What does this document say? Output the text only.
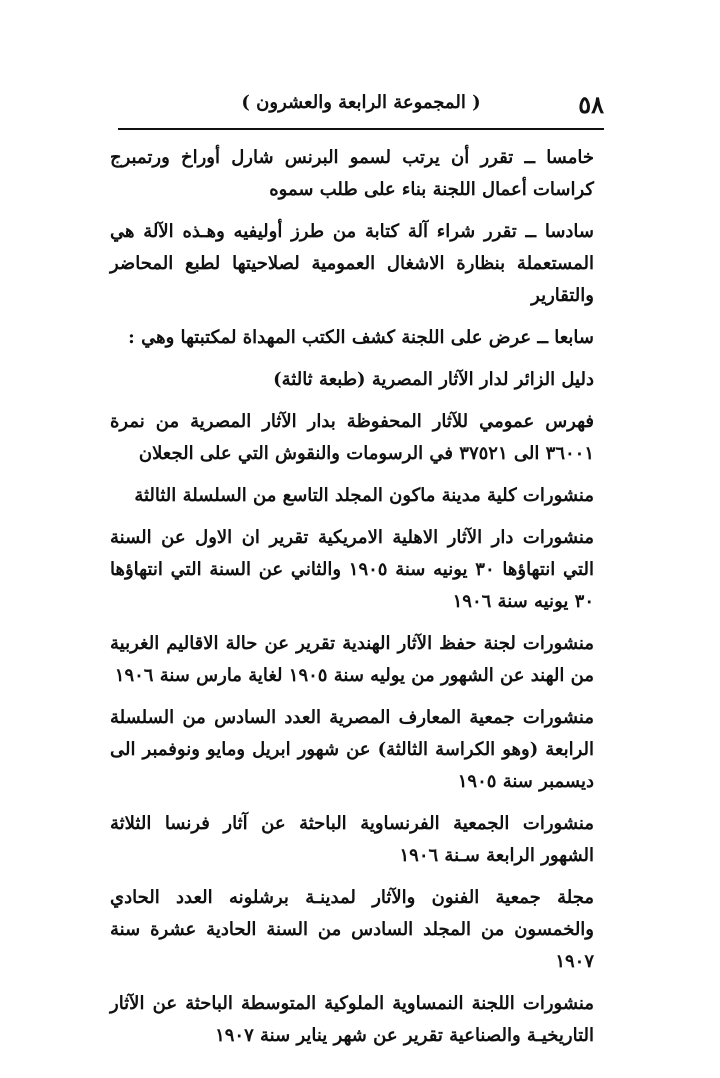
٥٨
( المجموعة الرابعة والعشرون )

خامسا ــ تقرر أن يرتب لسمو البرنس شارل أوراخ ورتمبرج كراسات أعمال اللجنة بناء على طلب سموه

سادسا ــ تقرر شراء آلة كتابة من طرز أوليفيه وهـذه الآلة هي المستعملة بنظارة الاشغال العمومية لصلاحيتها لطبع المحاضر والتقارير

سابعا ــ عرض على اللجنة كشف الكتب المهداة لمكتبتها وهي :

دليل الزائر لدار الآثار المصرية (طبعة ثالثة)

فهرس عمومي للآثار المحفوظة بدار الآثار المصرية من نمرة ٣٦٠٠١ الى ٣٧٥٢١ في الرسومات والنقوش التي على الجعلان

منشورات كلية مدينة ماكون المجلد التاسع من السلسلة الثالثة

منشورات دار الآثار الاهلية الامريكية تقرير ان الاول عن السنة التي انتهاؤها ٣٠ يونيه سنة ١٩٠٥ والثاني عن السنة التي انتهاؤها ٣٠ يونيه سنة ١٩٠٦

منشورات لجنة حفظ الآثار الهندية تقرير عن حالة الاقاليم الغربية من الهند عن الشهور من يوليه سنة ١٩٠٥ لغاية مارس سنة ١٩٠٦

منشورات جمعية المعارف المصرية العدد السادس من السلسلة الرابعة (وهو الكراسة الثالثة) عن شهور ابريل ومايو ونوفمبر الى ديسمبر سنة ١٩٠٥

منشورات الجمعية الفرنساوية الباحثة عن آثار فرنسا الثلاثة الشهور الرابعة سـنة ١٩٠٦

مجلة جمعية الفنون والآثار لمدينـة برشلونه العدد الحادي والخمسون من المجلد السادس من السنة الحادية عشرة سنة ١٩٠٧

منشورات اللجنة النمساوية الملوكية المتوسطة الباحثة عن الآثار التاريخيـة والصناعية تقرير عن شهر يناير سنة ١٩٠٧
